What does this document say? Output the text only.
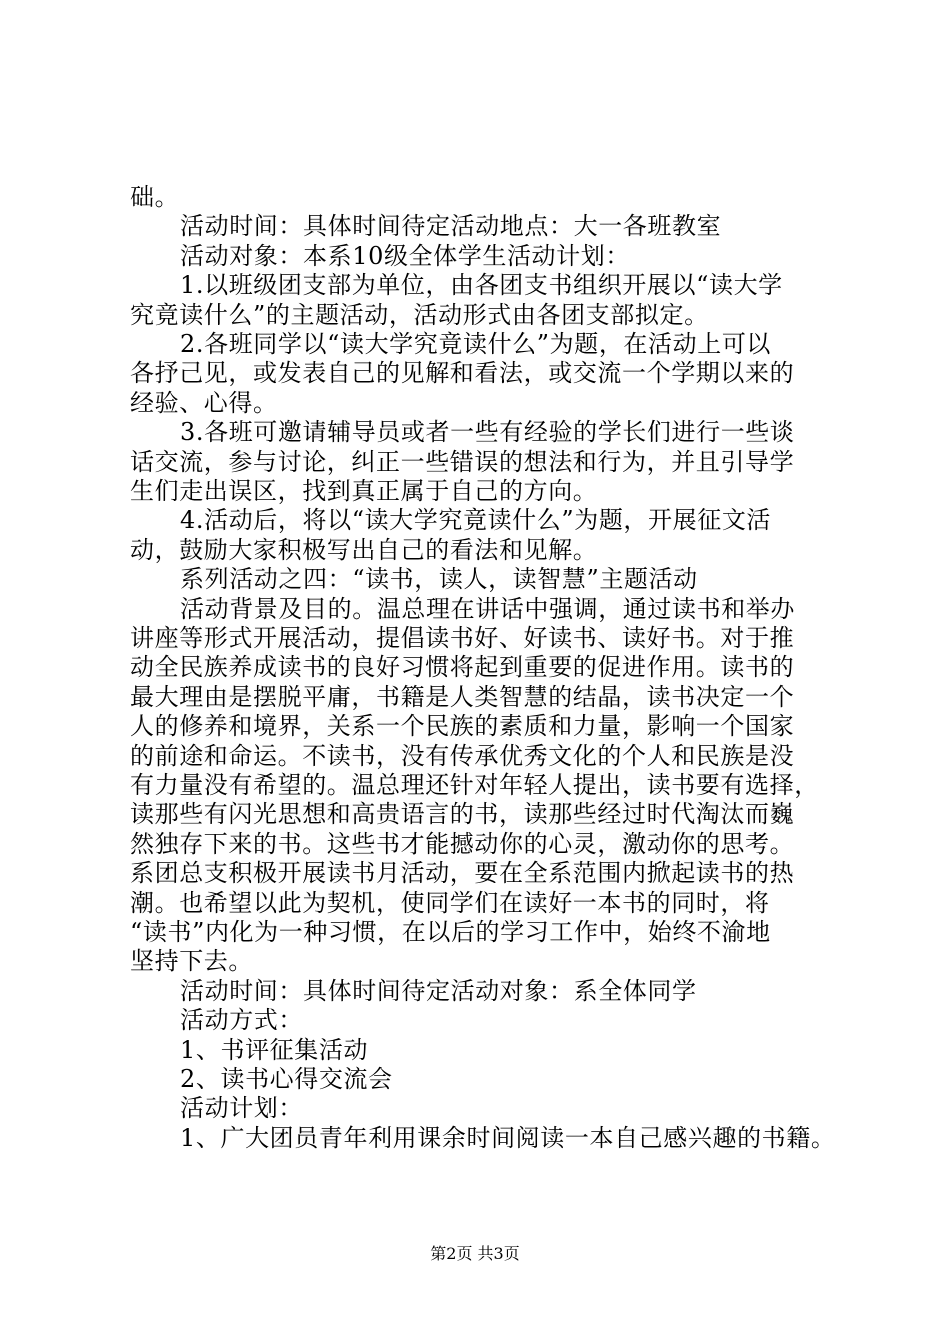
础。
活动时间：具体时间待定活动地点：大一各班教室
活动对象：本系10级全体学生活动计划：
1.以班级团支部为单位，由各团支书组织开展以“读大学
究竟读什么”的主题活动，活动形式由各团支部拟定。
2.各班同学以“读大学究竟读什么”为题，在活动上可以
各抒己见，或发表自己的见解和看法，或交流一个学期以来的
经验、心得。
3.各班可邀请辅导员或者一些有经验的学长们进行一些谈
话交流，参与讨论，纠正一些错误的想法和行为，并且引导学
生们走出误区，找到真正属于自己的方向。
4.活动后，将以“读大学究竟读什么”为题，开展征文活
动，鼓励大家积极写出自己的看法和见解。
系列活动之四：“读书，读人，读智慧”主题活动
活动背景及目的。温总理在讲话中强调，通过读书和举办
讲座等形式开展活动，提倡读书好、好读书、读好书。对于推
动全民族养成读书的良好习惯将起到重要的促进作用。读书的
最大理由是摆脱平庸，书籍是人类智慧的结晶，读书决定一个
人的修养和境界，关系一个民族的素质和力量，影响一个国家
的前途和命运。不读书，没有传承优秀文化的个人和民族是没
有力量没有希望的。温总理还针对年轻人提出，读书要有选择，
读那些有闪光思想和高贵语言的书，读那些经过时代淘汰而巍
然独存下来的书。这些书才能撼动你的心灵，激动你的思考。
系团总支积极开展读书月活动，要在全系范围内掀起读书的热
潮。也希望以此为契机，使同学们在读好一本书的同时，将
“读书”内化为一种习惯，在以后的学习工作中，始终不渝地
坚持下去。
活动时间：具体时间待定活动对象：系全体同学
活动方式：
1、书评征集活动
2、读书心得交流会
活动计划：
1、广大团员青年利用课余时间阅读一本自己感兴趣的书籍。
第2页 共3页
